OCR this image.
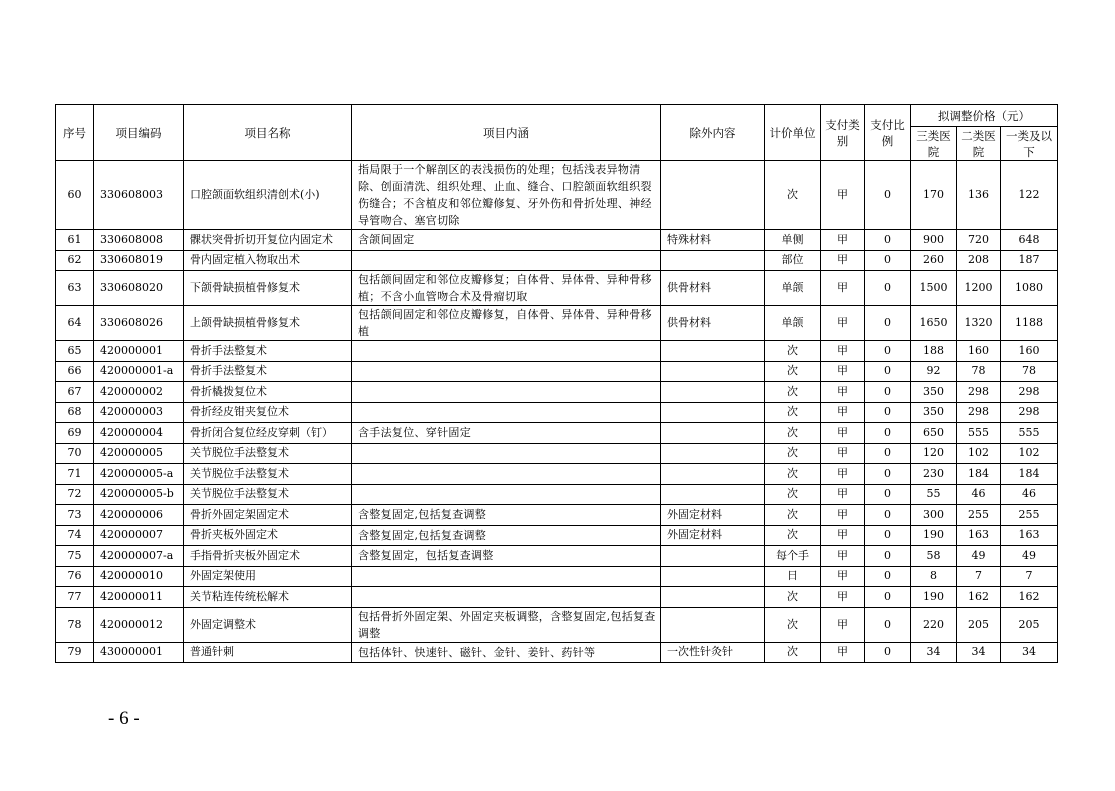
序号	项目编码	项目名称	项目内涵	除外内容	计价单位	支付类别	支付比例	拟调整价格（元）		
								三类医院	二类医院	一类及以下
60	330608003	口腔颌面软组织清创术(小)	指局限于一个解剖区的表浅损伤的处理；包括浅表异物清除、创面清洗、组织处理、止血、缝合、口腔颌面软组织裂伤缝合；不含植皮和邻位瓣修复、牙外伤和骨折处理、神经导管吻合、塞官切除		次	甲	0	170	136	122
61	330608008	髁状突骨折切开复位内固定术	含颌间固定	特殊材料	单侧	甲	0	900	720	648
62	330608019	骨内固定植入物取出术			部位	甲	0	260	208	187
63	330608020	下颌骨缺损植骨修复术	包括颌间固定和邻位皮瓣修复；自体骨、异体骨、异种骨移植；不含小血管吻合术及骨瘤切取	供骨材料	单颌	甲	0	1500	1200	1080
64	330608026	上颌骨缺损植骨修复术	包括颌间固定和邻位皮瓣修复，自体骨、异体骨、异种骨移植	供骨材料	单颌	甲	0	1650	1320	1188
65	420000001	骨折手法整复术			次	甲	0	188	160	160
66	420000001-a	骨折手法整复术			次	甲	0	92	78	78
67	420000002	骨折橇拨复位术			次	甲	0	350	298	298
68	420000003	骨折经皮钳夹复位术			次	甲	0	350	298	298
69	420000004	骨折闭合复位经皮穿刺（钉）	含手法复位、穿针固定		次	甲	0	650	555	555
70	420000005	关节脱位手法整复术			次	甲	0	120	102	102
71	420000005-a	关节脱位手法整复术			次	甲	0	230	184	184
72	420000005-b	关节脱位手法整复术			次	甲	0	55	46	46
73	420000006	骨折外固定架固定术	含整复固定,包括复查调整	外固定材料	次	甲	0	300	255	255
74	420000007	骨折夹板外固定术	含整复固定,包括复查调整	外固定材料	次	甲	0	190	163	163
75	420000007-a	手指骨折夹板外固定术	含整复固定，包括复查调整		每个手	甲	0	58	49	49
76	420000010	外固定架使用			日	甲	0	8	7	7
77	420000011	关节粘连传统松解术			次	甲	0	190	162	162
78	420000012	外固定调整术	包括骨折外固定架、外固定夹板调整，含整复固定,包括复查调整		次	甲	0	220	205	205
79	430000001	普通针刺	包括体针、快速针、磁针、金针、姜针、药针等	一次性针灸针	次	甲	0	34	34	34
- 6 -
